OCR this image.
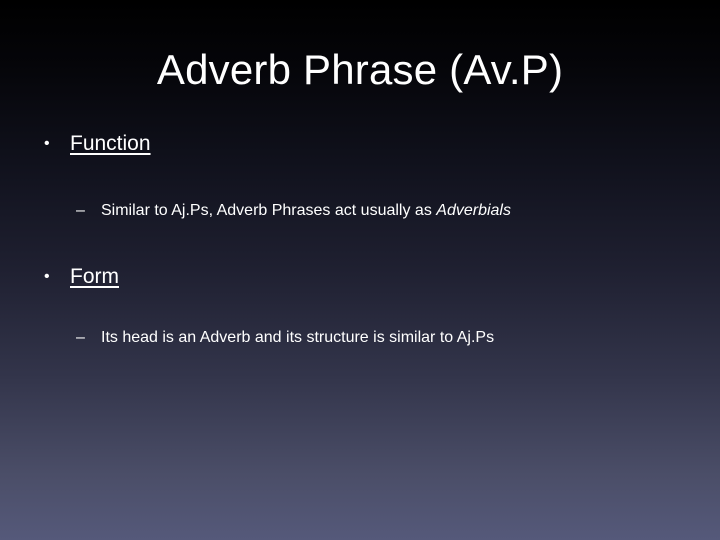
Adverb Phrase (Av.P)
• Function
– Similar to Aj.Ps, Adverb Phrases act usually as Adverbials
• Form
– Its head is an Adverb and its structure is similar to Aj.Ps
